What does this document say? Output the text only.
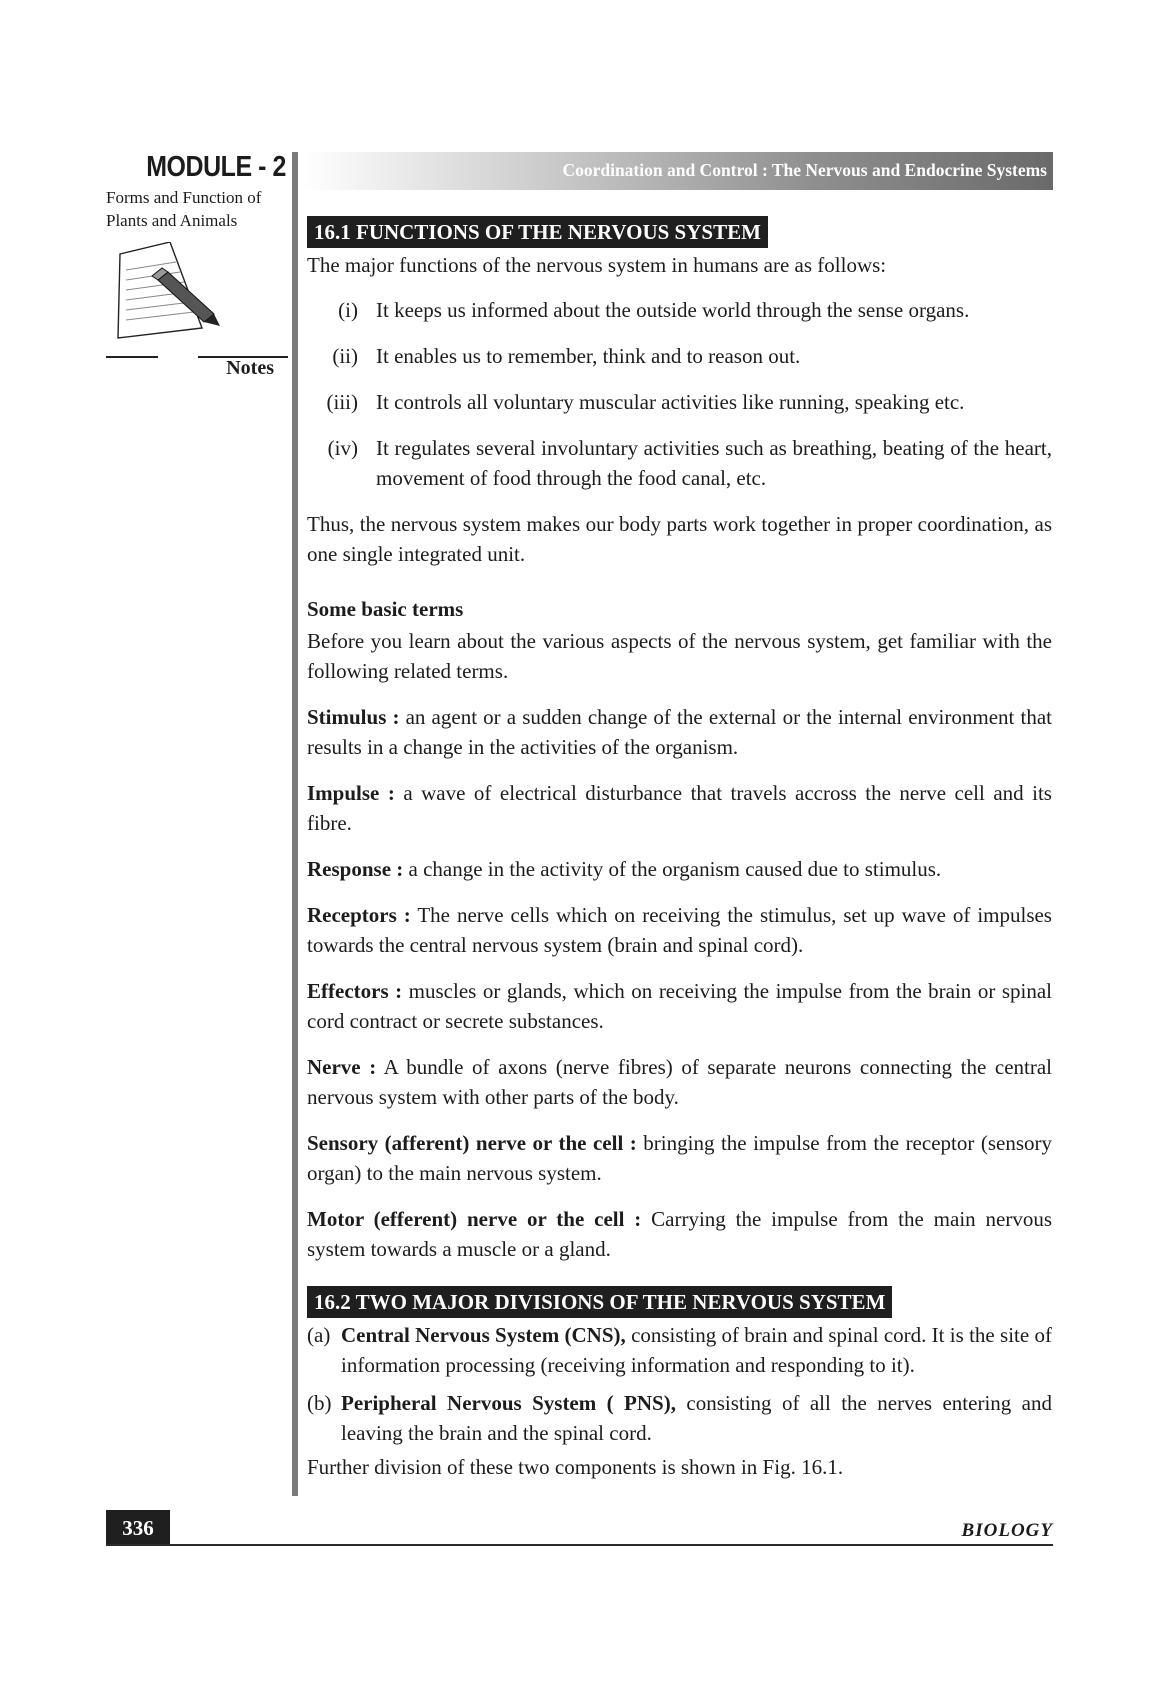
MODULE - 2
Forms and Function of
Plants and Animals
Notes
Coordination and Control : The Nervous and Endocrine Systems
16.1 FUNCTIONS OF THE NERVOUS SYSTEM

The major functions of the nervous system in humans are as follows:

(i) It keeps us informed about the outside world through the sense organs.
(ii) It enables us to remember, think and to reason out.
(iii) It controls all voluntary muscular activities like running, speaking etc.
(iv) It regulates several involuntary activities such as breathing, beating of the heart, movement of food through the food canal, etc.

Thus, the nervous system makes our body parts work together in proper coordination, as one single integrated unit.

Some basic terms

Before you learn about the various aspects of the nervous system, get familiar with the following related terms.

Stimulus : an agent or a sudden change of the external or the internal environment that results in a change in the activities of the organism.

Impulse : a wave of electrical disturbance that travels accross the nerve cell and its fibre.

Response : a change in the activity of the organism caused due to stimulus.

Receptors : The nerve cells which on receiving the stimulus, set up wave of impulses towards the central nervous system (brain and spinal cord).

Effectors : muscles or glands, which on receiving the impulse from the brain or spinal cord contract or secrete substances.

Nerve : A bundle of axons (nerve fibres) of separate neurons connecting the central nervous system with other parts of the body.

Sensory (afferent) nerve or the cell : bringing the impulse from the receptor (sensory organ) to the main nervous system.

Motor (efferent) nerve or the cell : Carrying the impulse from the main nervous system towards a muscle or a gland.

16.2 TWO MAJOR DIVISIONS OF THE NERVOUS SYSTEM
(a) Central Nervous System (CNS), consisting of brain and spinal cord. It is the site of information processing (receiving information and responding to it).
(b) Peripheral Nervous System ( PNS), consisting of all the nerves entering and leaving the brain and the spinal cord.

Further division of these two components is shown in Fig. 16.1.

336	BIOLOGY
